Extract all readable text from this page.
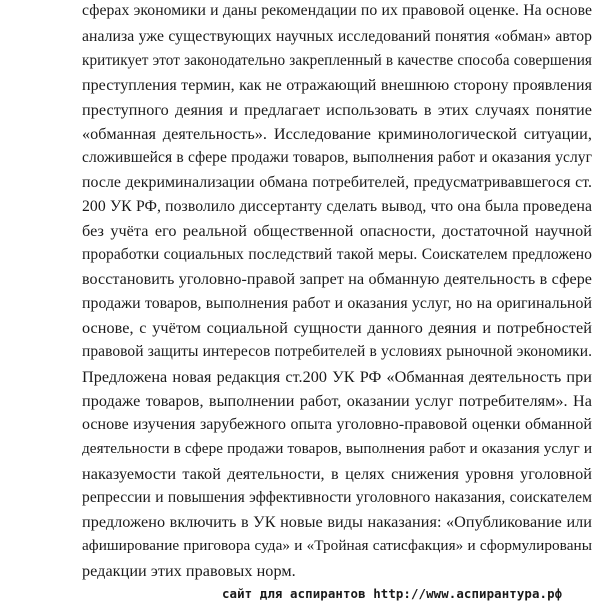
сферах экономики и даны рекомендации по их правовой оценке. На основе
анализа уже существующих научных исследований понятия «обман» автор
критикует этот законодательно закрепленный в качестве способа совершения
преступления термин, как не отражающий внешнюю сторону проявления
преступного деяния и предлагает использовать в этих случаях понятие
«обманная деятельность». Исследование криминологической ситуации,
сложившейся в сфере продажи товаров, выполнения работ и оказания услуг
после декриминализации обмана потребителей, предусматривавшегося ст.
200 УК РФ, позволило диссертанту сделать вывод, что она была проведена
без учёта его реальной общественной опасности, достаточной научной
проработки социальных последствий такой меры. Соискателем предложено
восстановить уголовно-правой запрет на обманную деятельность в сфере
продажи товаров, выполнения работ и оказания услуг, но на оригинальной
основе, с учётом социальной сущности данного деяния и потребностей
правовой защиты интересов потребителей в условиях рыночной экономики.
Предложена новая редакция ст.200 УК РФ «Обманная деятельность при
продаже товаров, выполнении работ, оказании услуг потребителям». На
основе изучения зарубежного опыта уголовно-правовой оценки обманной
деятельности в сфере продажи товаров, выполнения работ и оказания услуг и
наказуемости такой деятельности, в целях снижения уровня уголовной
репрессии и повышения эффективности уголовного наказания, соискателем
предложено включить в УК новые виды наказания: «Опубликование или
афиширование приговора суда» и «Тройная сатисфакция» и сформулированы
редакции этих правовых норм.
сайт для аспирантов http://www.аспирантура.рф
